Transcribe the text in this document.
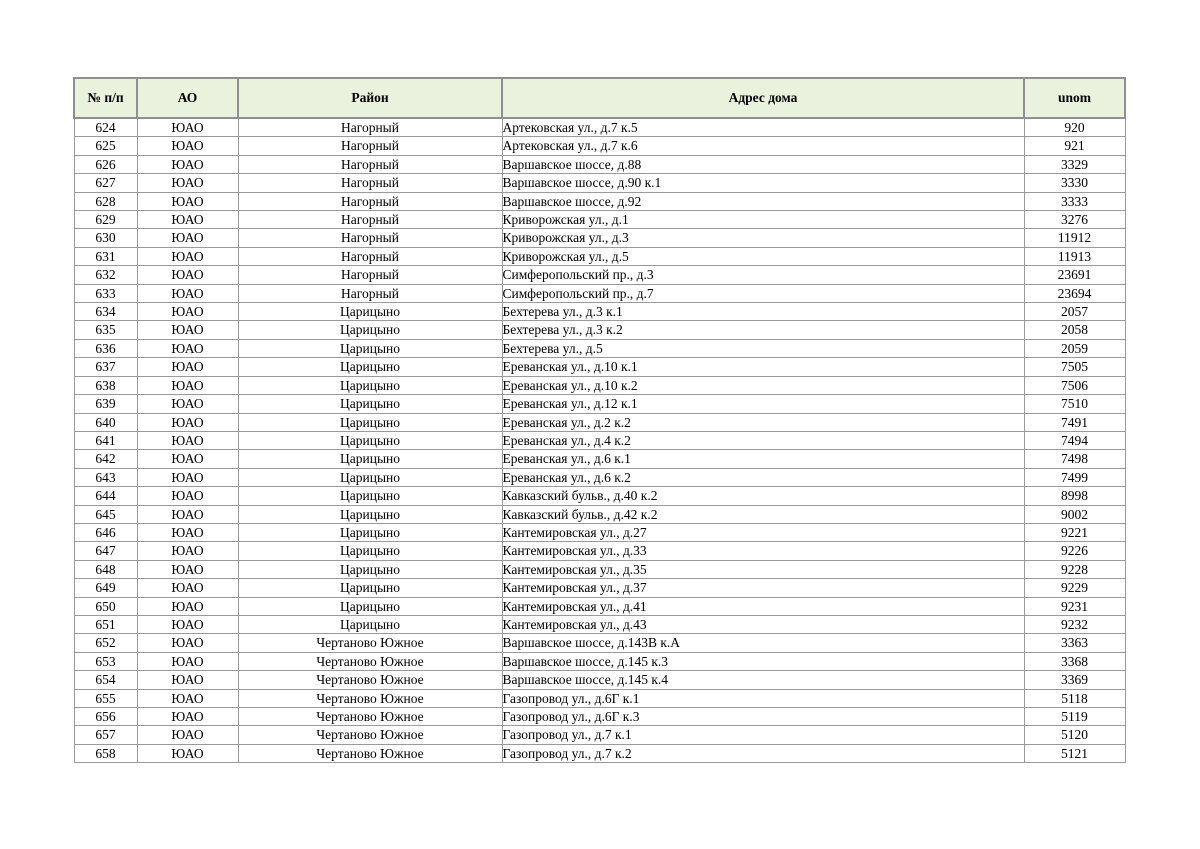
№ п/п	АО	Район	Адрес дома	unom
624	ЮАО	Нагорный	Артековская ул., д.7 к.5	920
625	ЮАО	Нагорный	Артековская ул., д.7 к.6	921
626	ЮАО	Нагорный	Варшавское шоссе, д.88	3329
627	ЮАО	Нагорный	Варшавское шоссе, д.90 к.1	3330
628	ЮАО	Нагорный	Варшавское шоссе, д.92	3333
629	ЮАО	Нагорный	Криворожская ул., д.1	3276
630	ЮАО	Нагорный	Криворожская ул., д.3	11912
631	ЮАО	Нагорный	Криворожская ул., д.5	11913
632	ЮАО	Нагорный	Симферопольский пр., д.3	23691
633	ЮАО	Нагорный	Симферопольский пр., д.7	23694
634	ЮАО	Царицыно	Бехтерева ул., д.3 к.1	2057
635	ЮАО	Царицыно	Бехтерева ул., д.3 к.2	2058
636	ЮАО	Царицыно	Бехтерева ул., д.5	2059
637	ЮАО	Царицыно	Ереванская ул., д.10 к.1	7505
638	ЮАО	Царицыно	Ереванская ул., д.10 к.2	7506
639	ЮАО	Царицыно	Ереванская ул., д.12 к.1	7510
640	ЮАО	Царицыно	Ереванская ул., д.2 к.2	7491
641	ЮАО	Царицыно	Ереванская ул., д.4 к.2	7494
642	ЮАО	Царицыно	Ереванская ул., д.6 к.1	7498
643	ЮАО	Царицыно	Ереванская ул., д.6 к.2	7499
644	ЮАО	Царицыно	Кавказский бульв., д.40 к.2	8998
645	ЮАО	Царицыно	Кавказский бульв., д.42 к.2	9002
646	ЮАО	Царицыно	Кантемировская ул., д.27	9221
647	ЮАО	Царицыно	Кантемировская ул., д.33	9226
648	ЮАО	Царицыно	Кантемировская ул., д.35	9228
649	ЮАО	Царицыно	Кантемировская ул., д.37	9229
650	ЮАО	Царицыно	Кантемировская ул., д.41	9231
651	ЮАО	Царицыно	Кантемировская ул., д.43	9232
652	ЮАО	Чертаново Южное	Варшавское шоссе, д.143В к.А	3363
653	ЮАО	Чертаново Южное	Варшавское шоссе, д.145 к.3	3368
654	ЮАО	Чертаново Южное	Варшавское шоссе, д.145 к.4	3369
655	ЮАО	Чертаново Южное	Газопровод ул., д.6Г к.1	5118
656	ЮАО	Чертаново Южное	Газопровод ул., д.6Г к.3	5119
657	ЮАО	Чертаново Южное	Газопровод ул., д.7 к.1	5120
658	ЮАО	Чертаново Южное	Газопровод ул., д.7 к.2	5121
